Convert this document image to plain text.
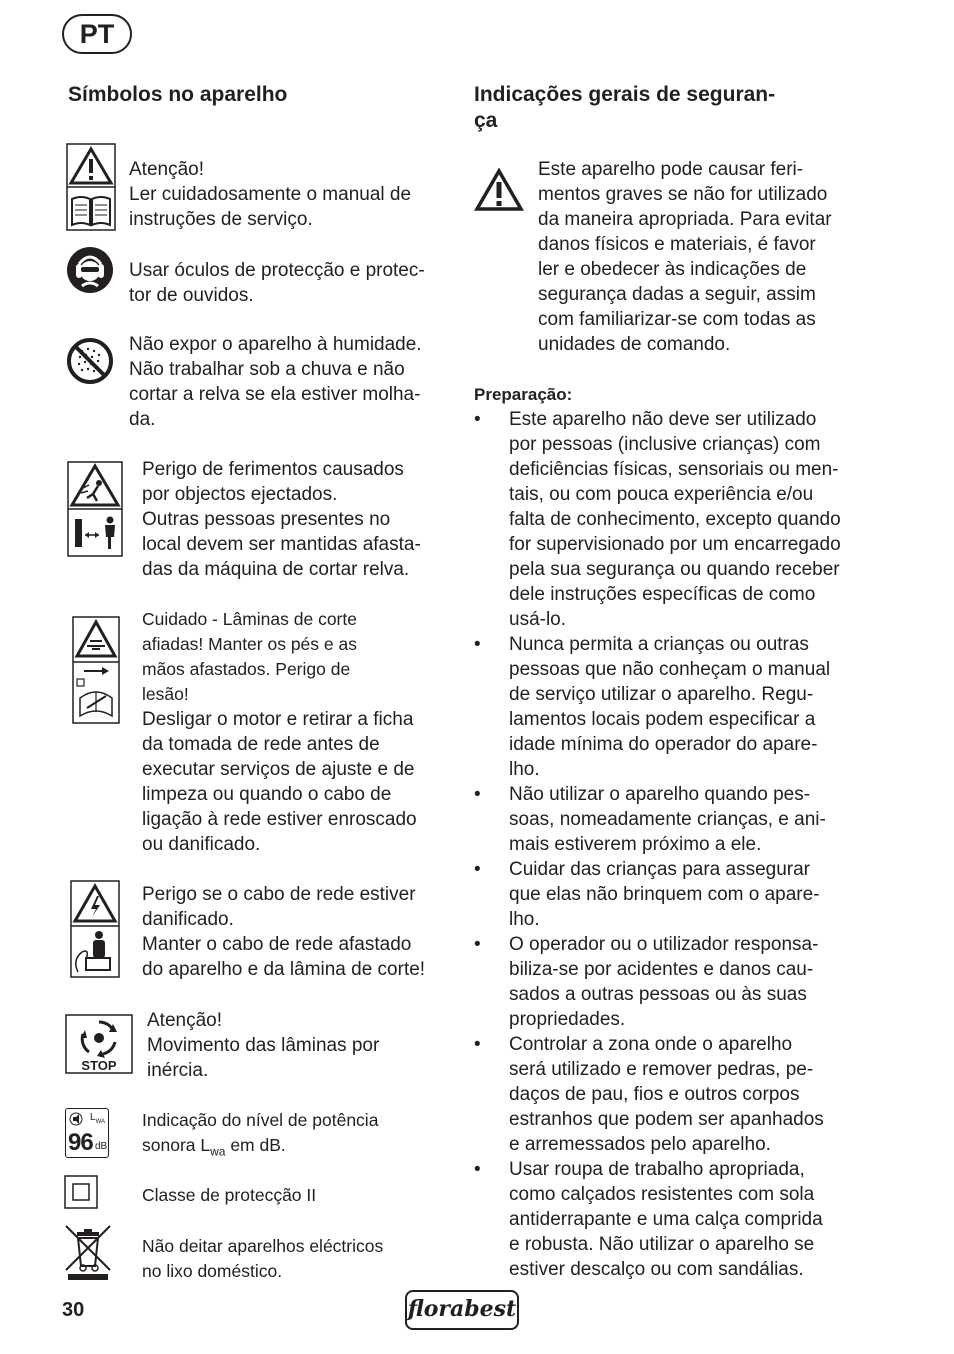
PT
Símbolos no aparelho

Atenção!

Ler cuidadosamente o manual de

instruções de serviço.

Usar óculos de protecção e protec-

tor de ouvidos.

Não expor o aparelho à humidade.

Não trabalhar sob a chuva e não

cortar a relva se ela estiver molha-

da.

Perigo de ferimentos causados

por objectos ejectados.

Outras pessoas presentes no

local devem ser mantidas afasta-

das da máquina de cortar relva.

Cuidado - Lâminas de corte

afiadas! Manter os pés e as

mãos afastados. Perigo de

lesão!

Desligar o motor e retirar a ficha

da tomada de rede antes de

executar serviços de ajuste e de

limpeza ou quando o cabo de

ligação à rede estiver enroscado

ou danificado.

Perigo se o cabo de rede estiver

danificado.

Manter o cabo de rede afastado

do aparelho e da lâmina de corte!

STOP

Atenção!

Movimento das lâminas por

inércia.

$L_{WA}$
96 dB

Indicação do nível de potência

sonora $L_{wa}$ em dB.

Classe de protecção II

Não deitar aparelhos eléctricos

no lixo doméstico.

Indicações gerais de seguran-
ça

Este aparelho pode causar feri-

mentos graves se não for utilizado

da maneira apropriada. Para evitar

danos físicos e materiais, é favor

ler e obedecer às indicações de

segurança dadas a seguir, assim

com familiarizar-se com todas as

unidades de comando.

Preparação:
• Este aparelho não deve ser utilizado
por pessoas (inclusive crianças) com
deficiências físicas, sensoriais ou men-
tais, ou com pouca experiência e/ou
falta de conhecimento, excepto quando
for supervisionado por um encarregado
pela sua segurança ou quando receber
dele instruções específicas de como
usá-lo.
• Nunca permita a crianças ou outras
pessoas que não conheçam o manual
de serviço utilizar o aparelho. Regu-
lamentos locais podem especificar a
idade mínima do operador do apare-
lho.
• Não utilizar o aparelho quando pes-
soas, nomeadamente crianças, e ani-
mais estiverem próximo a ele.
• Cuidar das crianças para assegurar
que elas não brinquem com o apare-
lho.
• O operador ou o utilizador responsa-
biliza-se por acidentes e danos cau-
sados a outras pessoas ou às suas
propriedades.
• Controlar a zona onde o aparelho
será utilizado e remover pedras, pe-
daços de pau, fios e outros corpos
estranhos que podem ser apanhados
e arremessados pelo aparelho.
• Usar roupa de trabalho apropriada,
como calçados resistentes com sola
antiderrapante e uma calça comprida
e robusta. Não utilizar o aparelho se
estiver descalço ou com sandálias.
30	florabest
